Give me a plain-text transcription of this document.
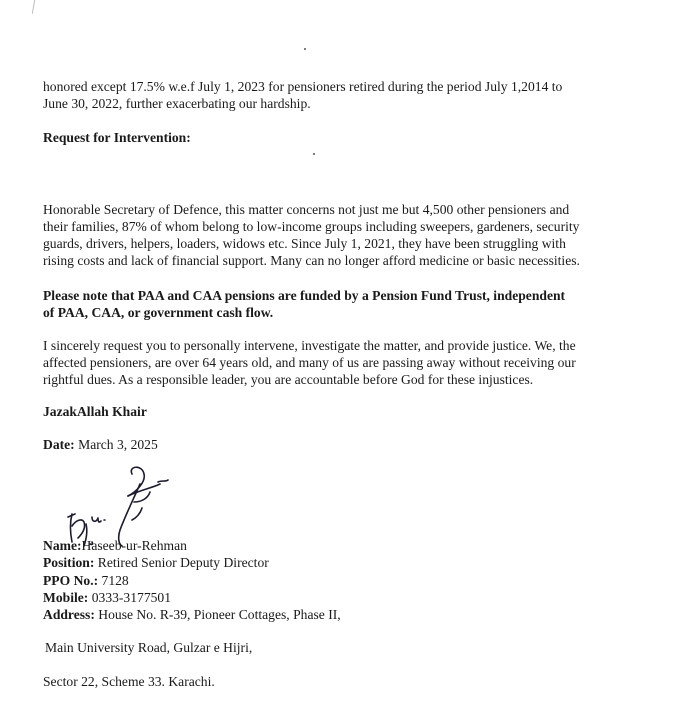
honored except 17.5% w.e.f July 1, 2023 for pensioners retired during the period July 1,2014 to
June 30, 2022, further exacerbating our hardship.

Request for Intervention:

Honorable Secretary of Defence, this matter concerns not just me but 4,500 other pensioners and
their families, 87% of whom belong to low-income groups including sweepers, gardeners, security
guards, drivers, helpers, loaders, widows etc. Since July 1, 2021, they have been struggling with
rising costs and lack of financial support. Many can no longer afford medicine or basic necessities.

Please note that PAA and CAA pensions are funded by a Pension Fund Trust, independent
of PAA, CAA, or government cash flow.

I sincerely request you to personally intervene, investigate the matter, and provide justice. We, the
affected pensioners, are over 64 years old, and many of us are passing away without receiving our
rightful dues. As a responsible leader, you are accountable before God for these injustices.

JazakAllah Khair

Date: March 3, 2025

Name:Haseeb-ur-Rehman
Position: Retired Senior Deputy Director
PPO No.: 7128
Mobile: 0333-3177501
Address: House No. R-39, Pioneer Cottages, Phase II,
Main University Road, Gulzar e Hijri,
Sector 22, Scheme 33. Karachi.
